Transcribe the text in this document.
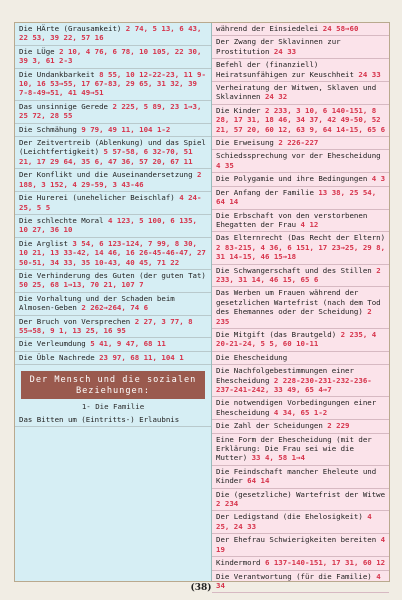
Die HÄrte (Grausamkeit) 2 74, 5 13, 6 43, 22 53, 39 22, 57 16
Die LÜge 2 10, 4 76, 6 78, 10 105, 22 30, 39 3, 61 2-3
Die Undankbarkeit 8 55, 10 12-22-23, 11 9-10, 16 53→55, 17 67-83, 29 65, 31 32, 39 7-8-49→51, 41 49→51
Das unsinnige Gerede 2 225, 5 89, 23 1→3, 25 72, 28 55
Die Schmähung 9 79, 49 11, 104 1-2
Der Zeitvertreib (Ablenkung) und das Spiel (Leichtfertigkeit) 5 57-58, 6 32-70, 51 21, 17 29 64, 35 6, 47 36, 57 20, 67 11
Der Konflikt und die Auseinandersetzung 2 188, 3 152, 4 29-59, 3 43-46
Die Hurerei (unehelicher Beischlaf) 4 24-25, 5 5
Die schlechte Moral 4 123, 5 100, 6 135, 10 27, 36 10
Die Arglist 3 54, 6 123-124, 7 99, 8 30, 10 21, 13 33-42, 14 46, 16 26-45-46-47, 27 50-51, 34 33, 35 10-43, 40 45, 71 22
Die Verhinderung des Guten (der guten Tat) 50 25, 68 1→13, 70 21, 107 7
Die Vorhaltung und der Schaden beim Almosen-Geben 2 262→264, 74 6
Der Bruch von Versprechen 2 27, 3 77, 8 55→58, 9 1, 13 25, 16 95
Die Verleumdung 5 41, 9 47, 68 11
Die Üble Nachrede 23 97, 68 11, 104 1
Der Mensch und die sozialen Beziehungen:
1- Die Familie
Das Bitten um (Eintritts-) Erlaubnis
während der Einsiedelei 24 58→60
Der Zwang der Sklavinnen zur Prostitution 24 33
Befehl der (finanziell) Heiratsunfähigen zur Keuschheit 24 33
Verheiratung der Witwen, Sklaven und Sklavinnen 24 32
Die Kinder 2 233, 3 10, 6 140-151, 8 28, 17 31, 18 46, 34 37, 42 49-50, 52 21, 57 20, 60 12, 63 9, 64 14-15, 65 6
Die Erweisung 2 226-227
Schiedssprechung vor der Ehescheidung 4 35
Die Polygamie und ihre Bedingungen 4 3
Der Anfang der Familie 13 38, 25 54, 64 14
Die Erbschaft von den verstorbenen Ehegatten der Frau 4 12
Das Elternrecht (Das Recht der Eltern) 2 83-215, 4 36, 6 151, 17 23→25, 29 8, 31 14-15, 46 15→18
Die Schwangerschaft und des Stillen 2 233, 31 14, 46 15, 65 6
Das Werben um Frauen während der gesetzlichen Wartefrist (nach dem Tod des Ehemannes oder der Scheidung) 2 235
Die Mitgift (das Brautgeld) 2 235, 4 20-21-24, 5 5, 60 10-11
Die Ehescheidung
Die Nachfolgebestimmungen einer Ehescheidung 2 228-230-231-232-236-237-241-242, 33 49, 65 4→7
Die notwendigen Vorbedingungen einer Ehescheidung 4 34, 65 1-2
Die Zahl der Scheidungen 2 229
Eine Form der Ehescheidung (mit der Erklärung: Die Frau sei wie die Mutter) 33 4, 58 1→4
Die Feindschaft mancher Eheleute und Kinder 64 14
Die (gesetzliche) Wartefrist der Witwe 2 234
Der Ledigstand (die Ehelosigkeit) 4 25, 24 33
Der Ehefrau Schwierigkeiten bereiten 4 19
Kindermord 6 137-140-151, 17 31, 60 12
Die Verantwortung (für die Familie) 4 34
(38)
